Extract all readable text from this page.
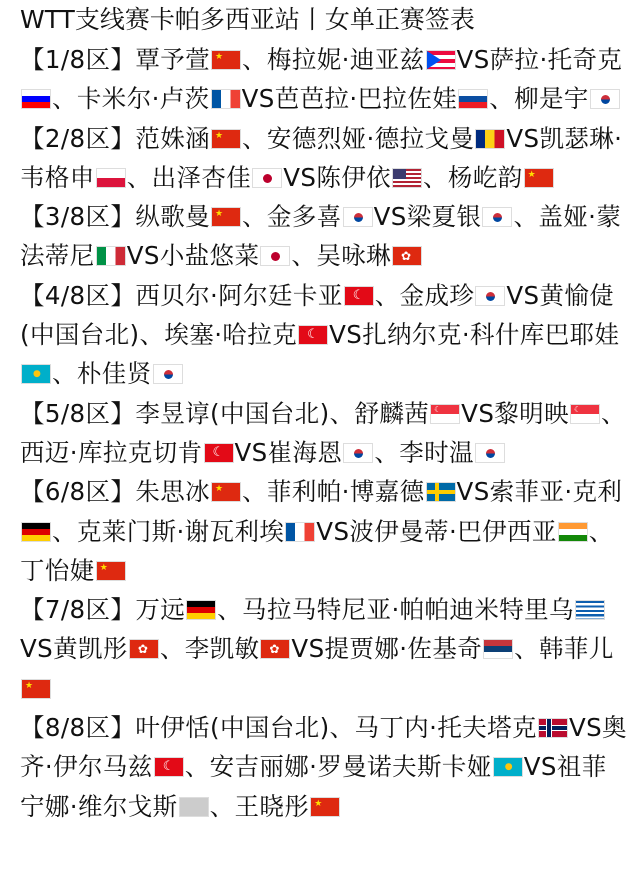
WTT支线赛卡帕多西亚站丨女单正赛签表
【1/8区】覃予萱 ★ 、梅拉妮·迪亚兹 VS萨拉·托奇克、卡米尔·卢茨 VS芭芭拉·巴拉佐娃 、柳是宇
【2/8区】范姝涵 ★ 、安德烈娅·德拉戈曼 VS凯瑟琳·韦格申 、出泽杏佳 VS陈伊依 、杨屹韵★
【3/8区】纵歌曼 ★ 、金多喜 VS梁夏银 、盖娅·蒙法蒂尼 VS小盐悠菜 、吴咏琳✿
【4/8区】西贝尔·阿尔廷卡亚 ☾ 、金成珍 VS黄愉偼(中国台北)、埃塞·哈拉克 ☾ VS扎纳尔克·科什库巴耶娃●、朴佳贤
【5/8区】李昱谆(中国台北)、舒麟茜 ☾ VS黎明映☾ 、西迈·库拉克切肯 ☾ VS崔海恩 、李时温
【6/8区】朱思冰 ★ 、菲利帕·博嘉德 VS索菲亚·克利、克莱门斯·谢瓦利埃 VS波伊曼蒂·巴伊西亚 、丁怡婕★
【7/8区】万远 、马拉马特尼亚·帕帕迪米特里乌VS黄凯彤 ✿ 、李凯敏 ✿ VS提贾娜·佐基奇 、韩菲儿★
【8/8区】叶伊恬(中国台北)、马丁内·托夫塔克 VS奥齐·伊尔马兹 ☾ 、安吉丽娜·罗曼诺夫斯卡娅 ● VS祖菲宁娜·维尔戈斯 、王晓彤★
